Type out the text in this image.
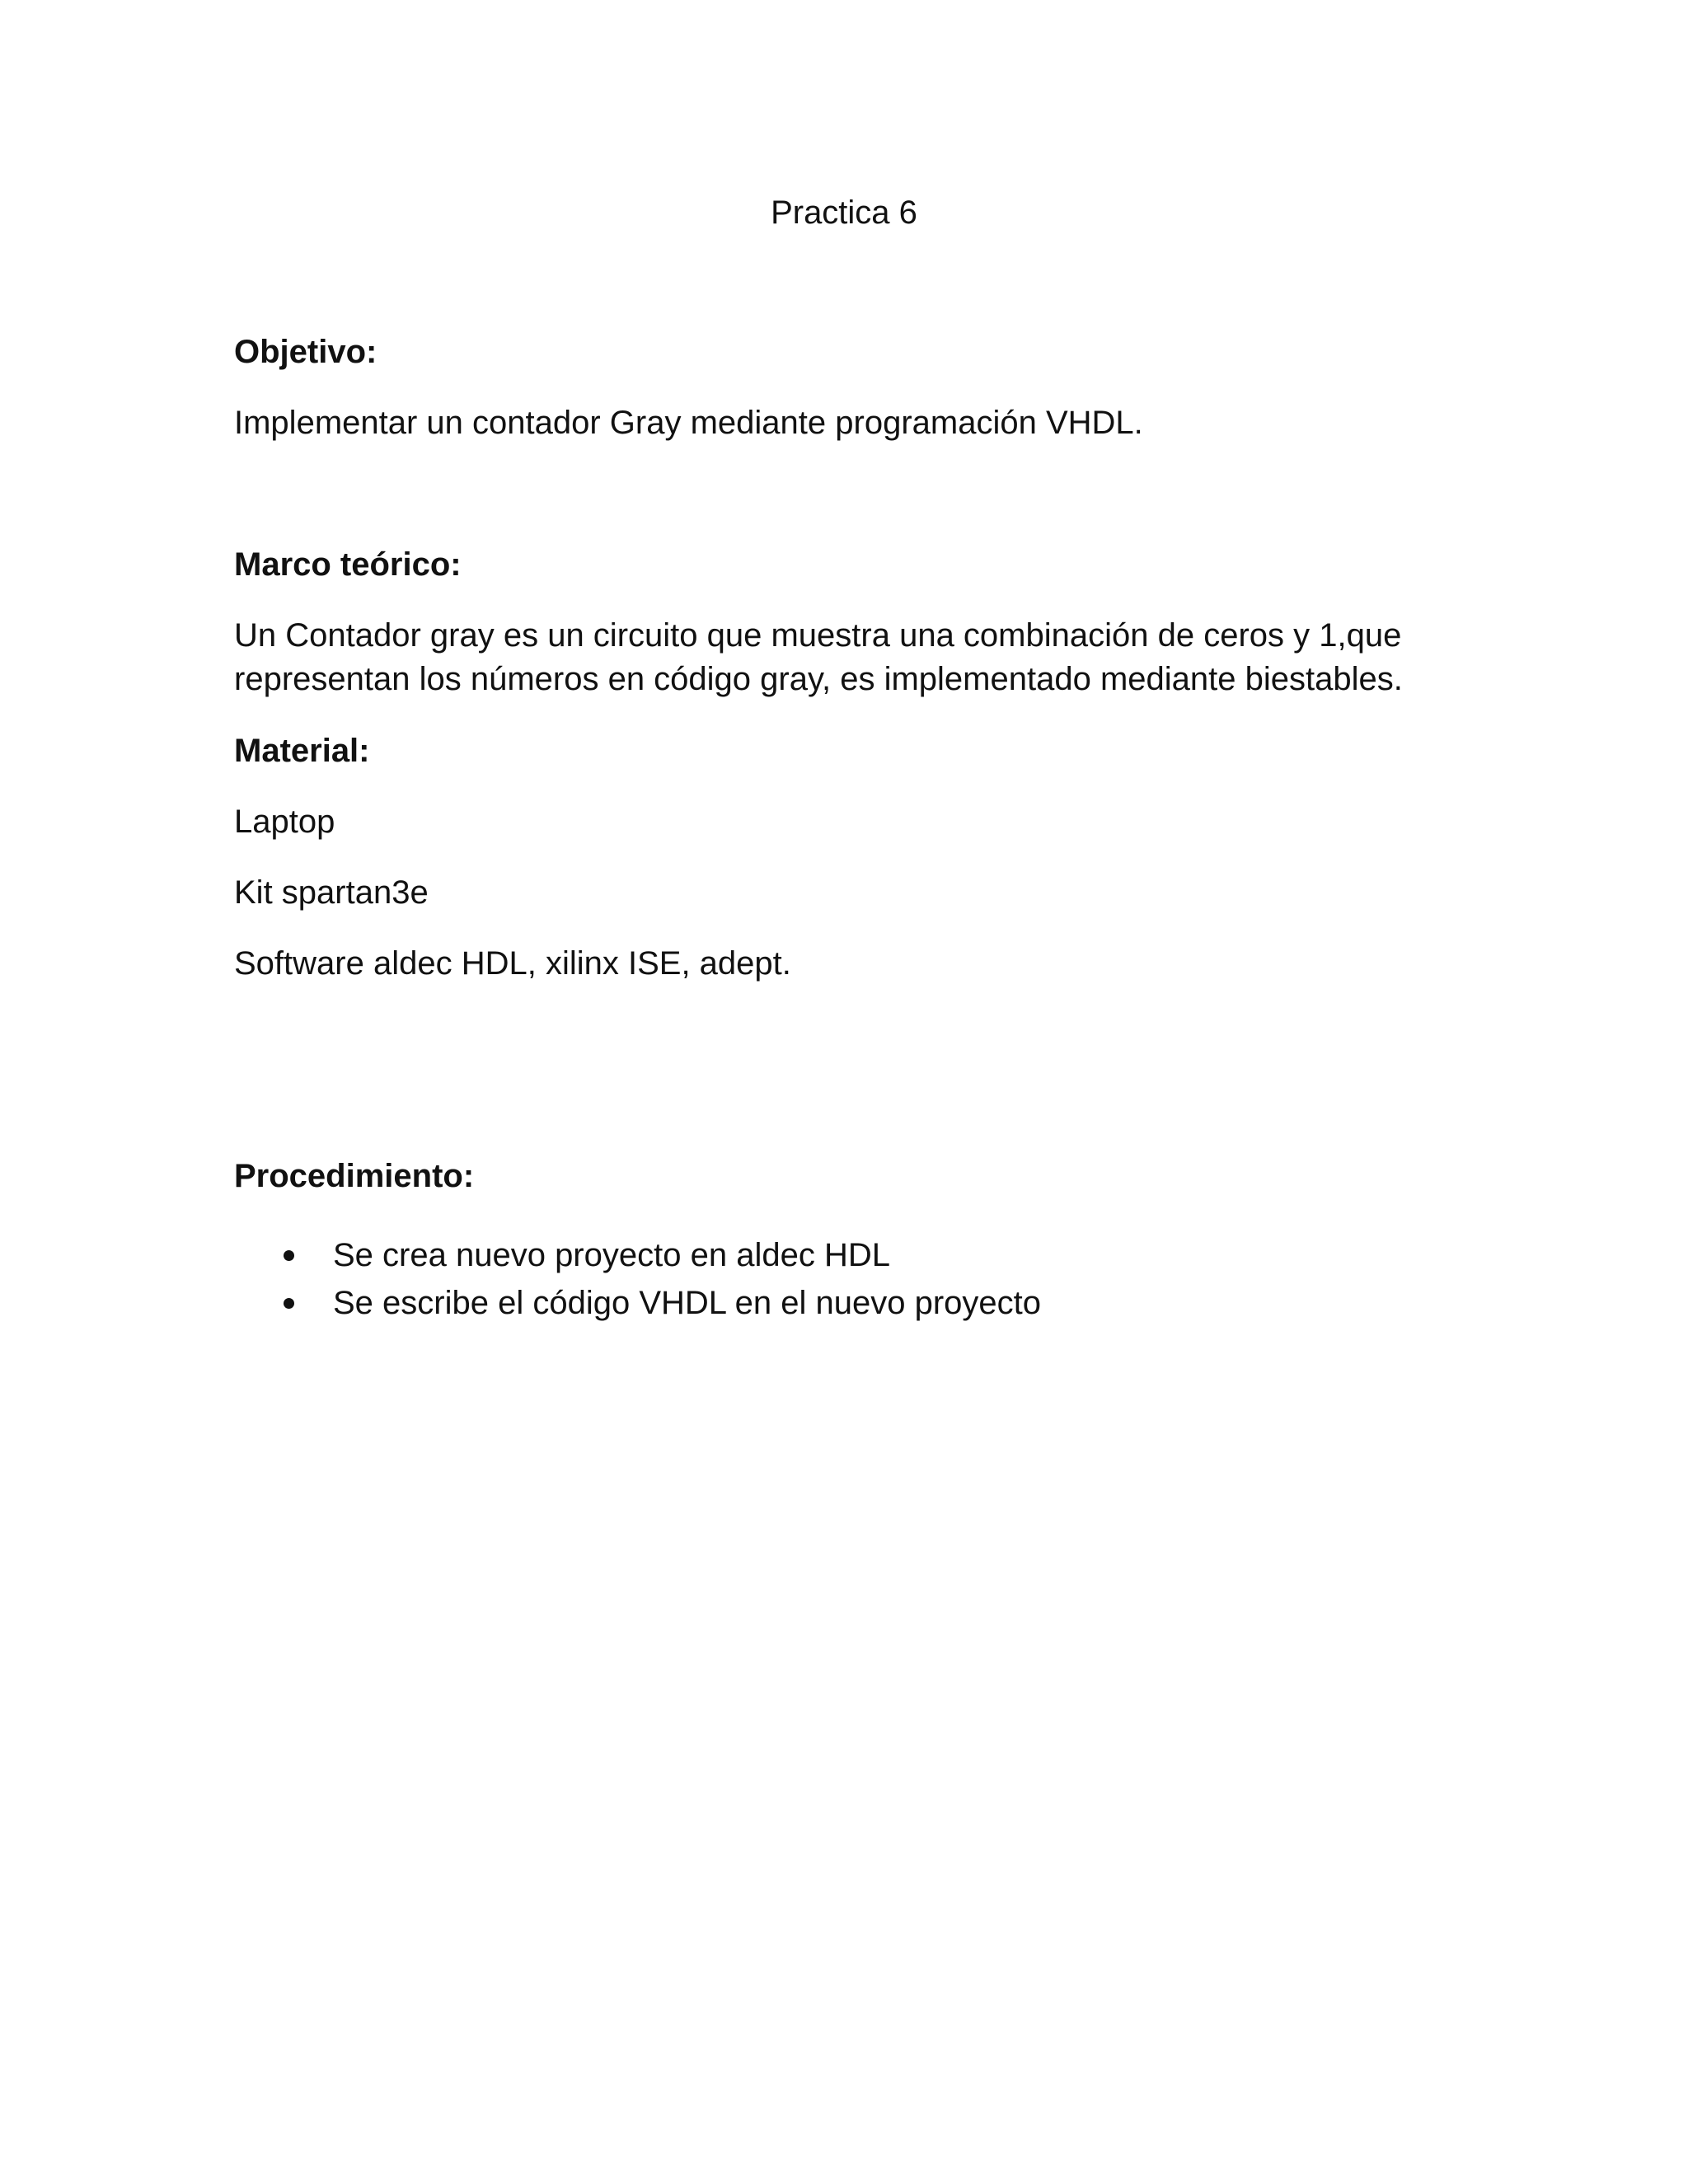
Practica 6
Objetivo:
Implementar un contador Gray mediante programación VHDL.
Marco teórico:
Un Contador gray es un circuito que muestra una combinación de ceros y 1,que
representan los números en código gray, es implementado mediante biestables.
Material:
Laptop
Kit spartan3e
Software aldec HDL, xilinx ISE, adept.
Procedimiento:
Se crea nuevo proyecto en aldec HDL
Se escribe el código VHDL en el nuevo proyecto
